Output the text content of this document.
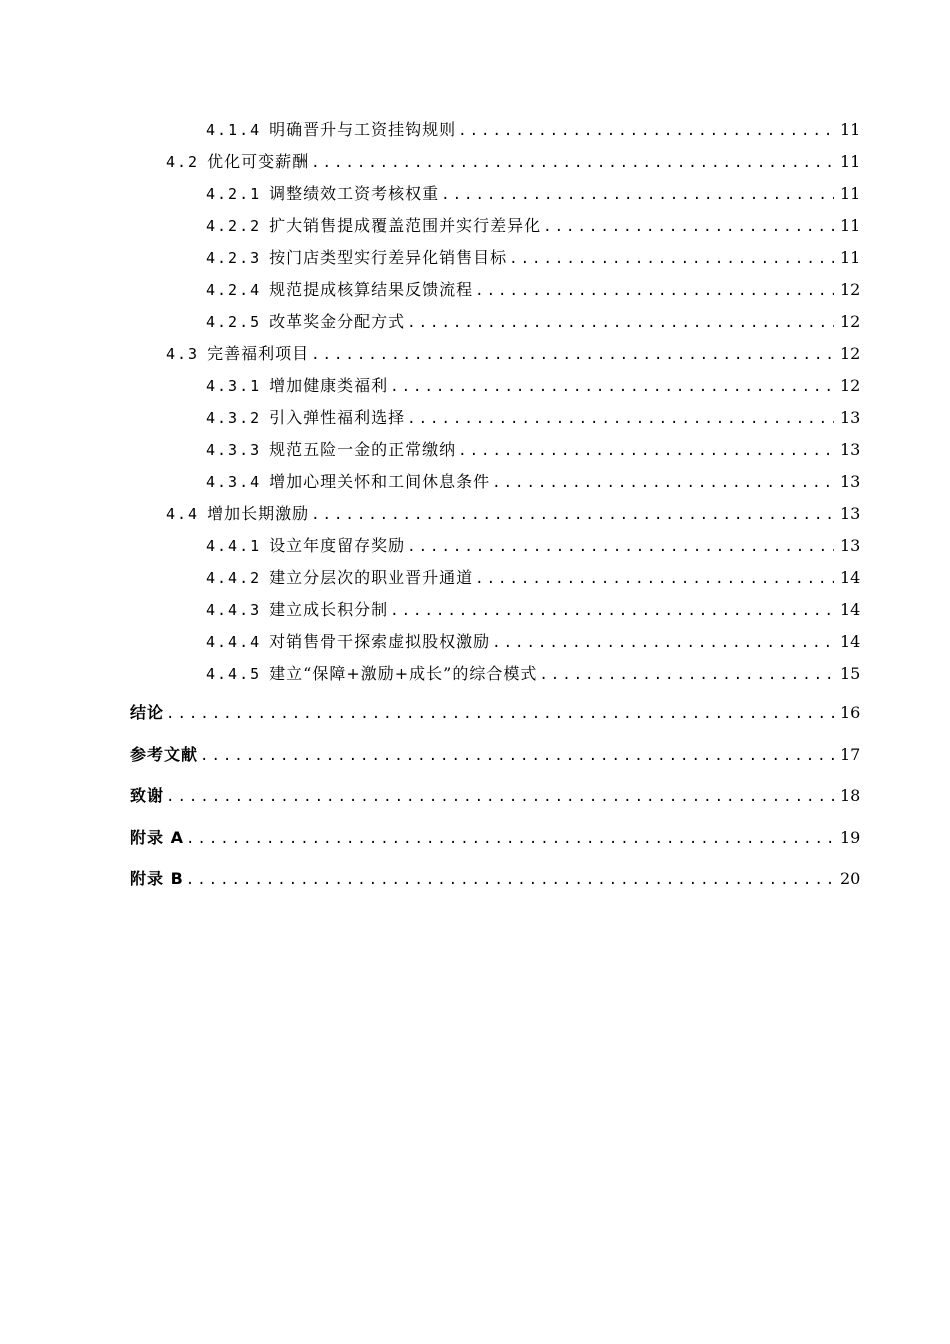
4.1.4 明确晋升与工资挂钩规则 .....	11
4.2 优化可变薪酬 .....	11
4.2.1 调整绩效工资考核权重 .....	11
4.2.2 扩大销售提成覆盖范围并实行差异化 .....	11
4.2.3 按门店类型实行差异化销售目标 .....	11
4.2.4 规范提成核算结果反馈流程 .....	12
4.2.5 改革奖金分配方式 .....	12
4.3 完善福利项目 .....	12
4.3.1 增加健康类福利 .....	12
4.3.2 引入弹性福利选择 .....	13
4.3.3 规范五险一金的正常缴纳 .....	13
4.3.4 增加心理关怀和工间休息条件 .....	13
4.4 增加长期激励 .....	13
4.4.1 设立年度留存奖励 .....	13
4.4.2 建立分层次的职业晋升通道 .....	14
4.4.3 建立成长积分制 .....	14
4.4.4 对销售骨干探索虚拟股权激励 .....	14
4.4.5 建立“保障+激励+成长”的综合模式 .....	15
结论 .....	16
参考文献 .....	17
致谢 .....	18
附录 A .....	19
附录 B .....	20
